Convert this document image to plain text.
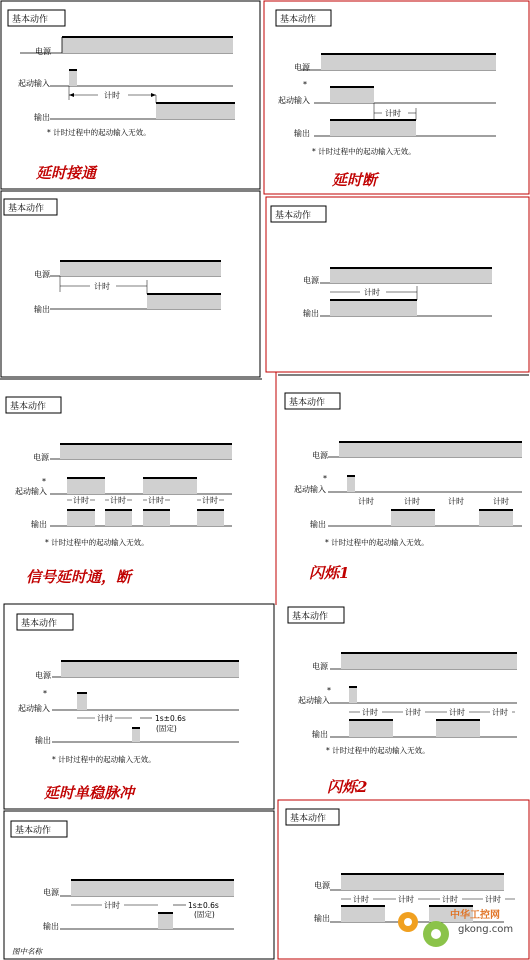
基本动作
电源
起动输入
计时
输出
* 计时过程中的起动输入无效。
延时接通
基本动作
电源
*
起动输入
计时
输出
* 计时过程中的起动输入无效。
延时断
基本动作
电源
计时
输出
基本动作
电源
计时
输出
基本动作
电源
*
起动输入
计时	计时	计时	计时
输出
* 计时过程中的起动输入无效。
信号延时通，断
基本动作
电源
*
起动输入
计时	计时	计时	计时
输出
* 计时过程中的起动输入无效。
闪烁1
基本动作
电源
*
起动输入
计时	1s±0.6s
(固定)
输出
* 计时过程中的起动输入无效。
延时单稳脉冲
基本动作
电源
*
起动输入
计时	计时	计时	计时
输出
* 计时过程中的起动输入无效。
闪烁2
基本动作
电源
计时	1s±0.6s
(固定)
输出
图中名称
基本动作
电源
计时	计时	计时	计时
输出	中华工控网
gkong.com
